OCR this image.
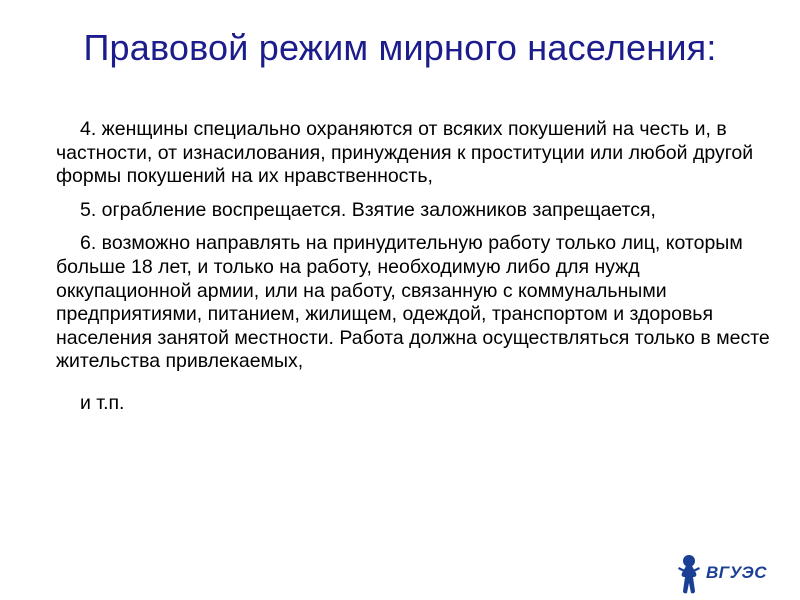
Правовой режим мирного населения:

4. женщины специально охраняются от всяких покушений на честь и, в частности, от изнасилования, принуждения к проституции или любой другой формы покушений на их нравственность,

5. ограбление воспрещается. Взятие заложников запрещается,

6. возможно направлять на принудительную работу только лиц, которым больше 18 лет, и только на работу, необходимую либо для нужд оккупационной армии, или на работу, связанную с коммунальными предприятиями, питанием, жилищем, одеждой, транспортом и здоровья населения занятой местности. Работа должна осуществляться только в месте жительства привлекаемых,

и т.п.

ВГУЭС
